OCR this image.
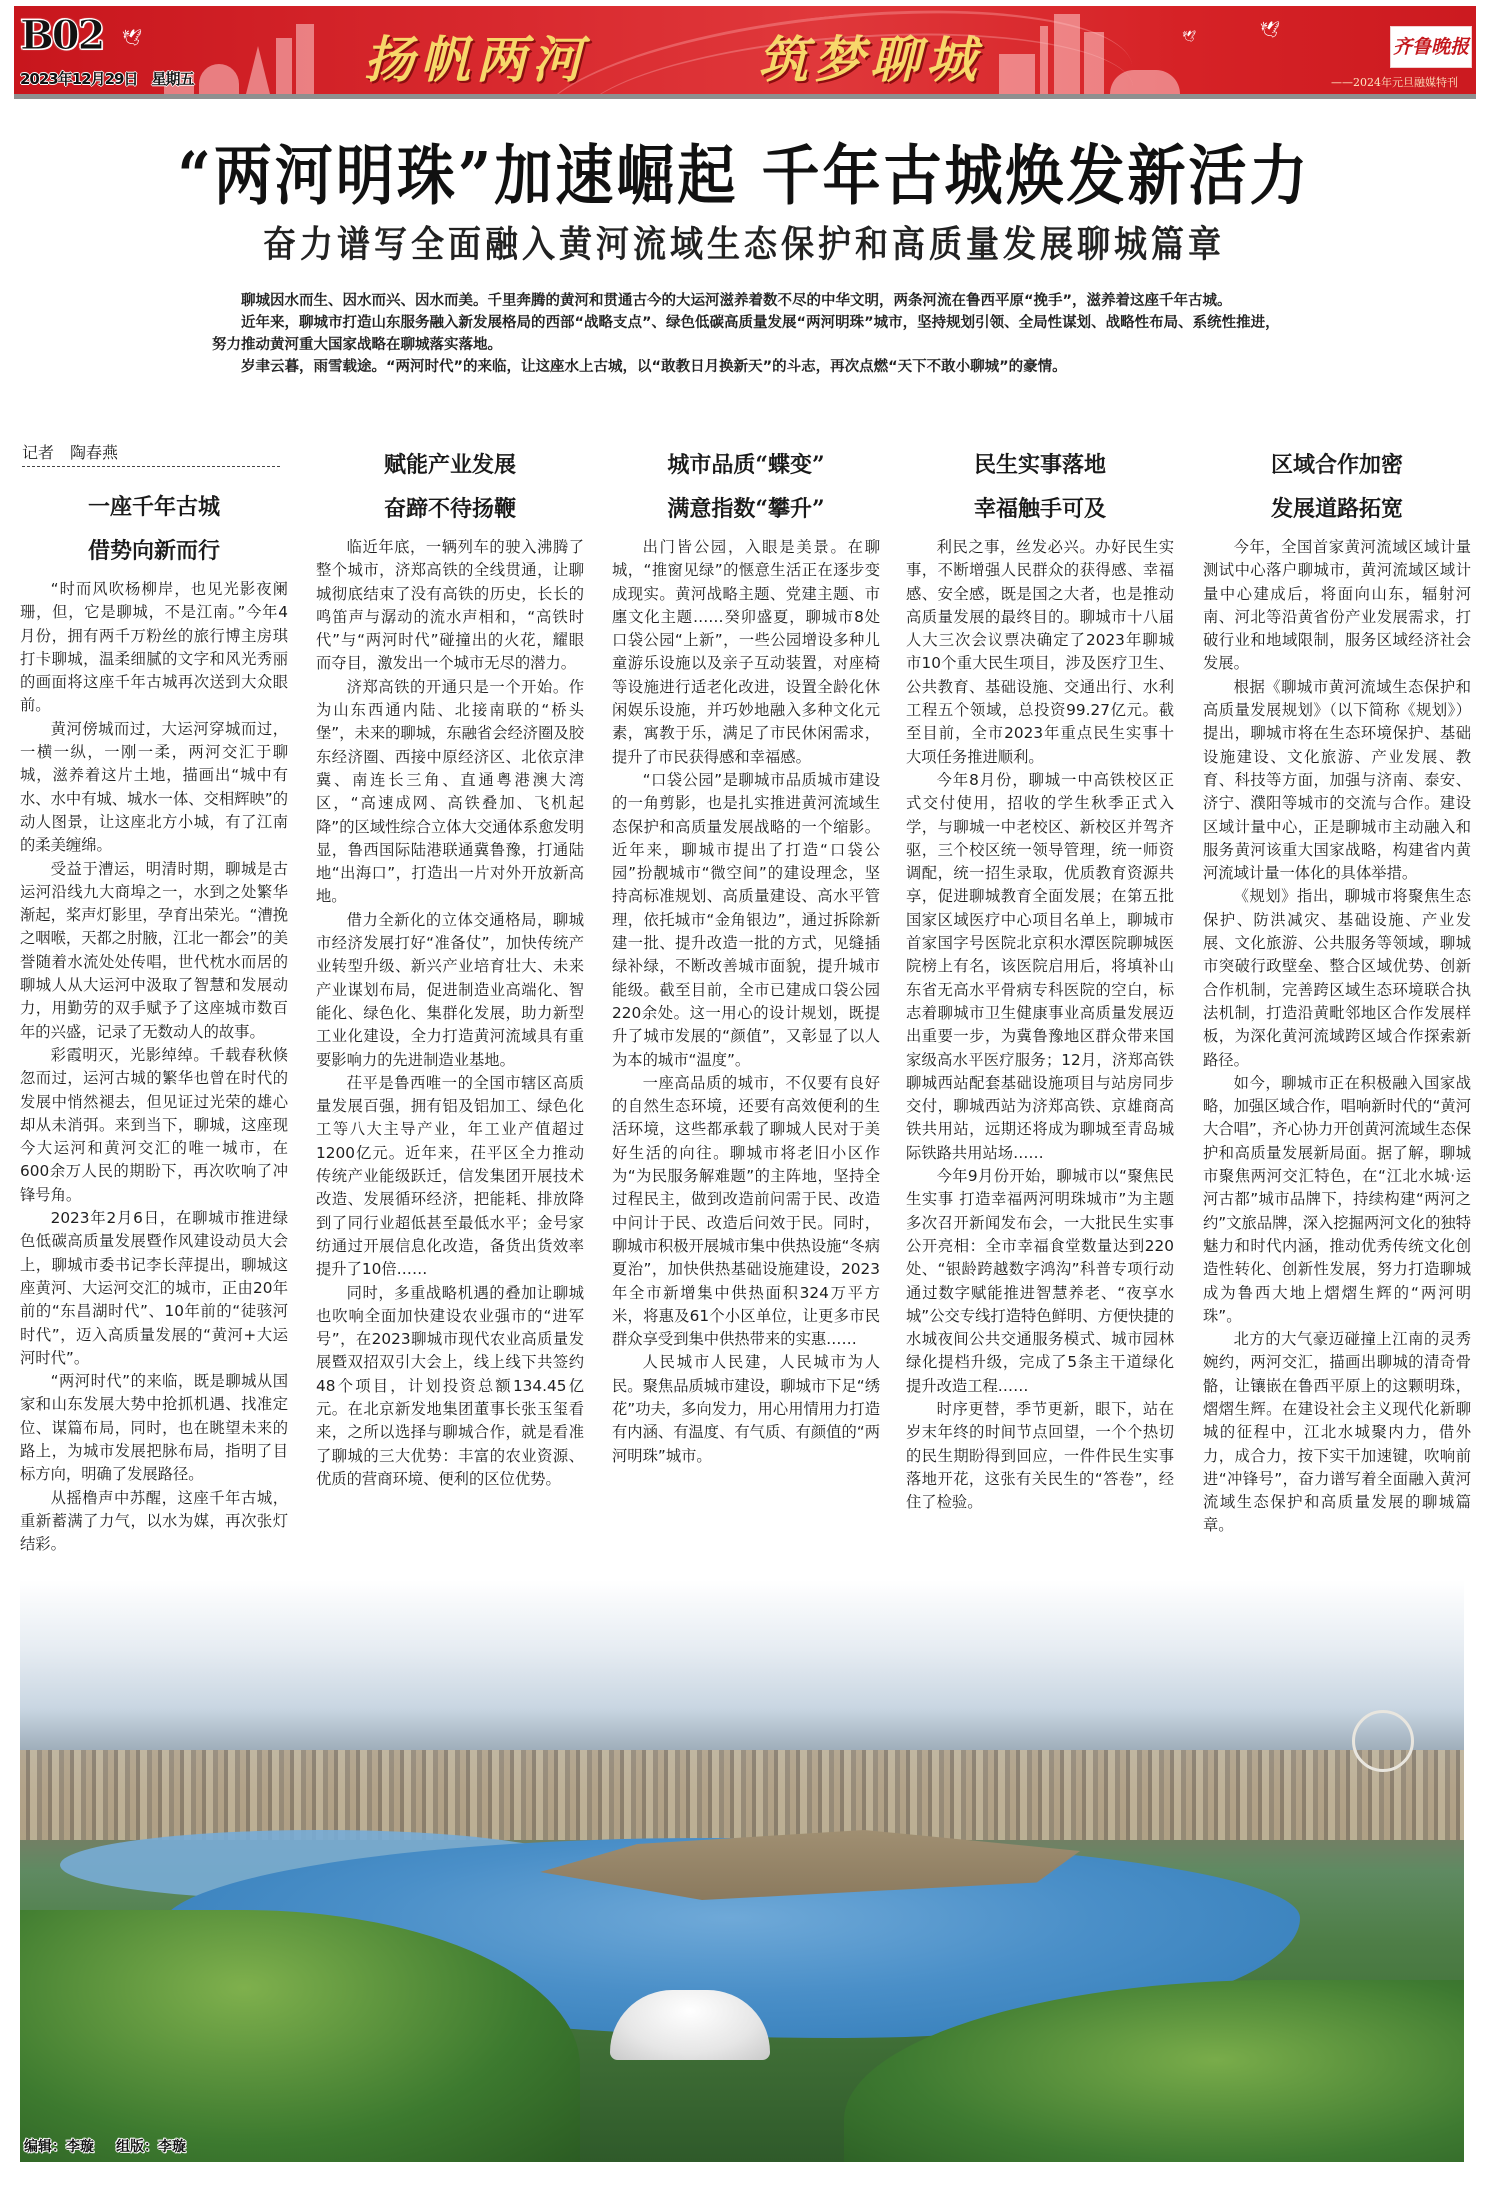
🕊	🕊	🕊
B02
2023年12月29日 星期五	扬帆两河	筑梦聊城	齐鲁晚报
——2024年元旦融媒特刊
“两河明珠”加速崛起 千年古城焕发新活力
奋力谱写全面融入黄河流域生态保护和高质量发展聊城篇章

聊城因水而生、因水而兴、因水而美。千里奔腾的黄河和贯通古今的大运河滋养着数不尽的中华文明，两条河流在鲁西平原“挽手”，滋养着这座千年古城。

近年来，聊城市打造山东服务融入新发展格局的西部“战略支点”、绿色低碳高质量发展“两河明珠”城市，坚持规划引领、全局性谋划、战略性布局、系统性推进，努力推动黄河重大国家战略在聊城落实落地。

岁聿云暮，雨雪载途。“两河时代”的来临，让这座水上古城，以“敢教日月换新天”的斗志，再次点燃“天下不敢小聊城”的豪情。

记者 陶春燕
一座千年古城
借势向新而行

“时而风吹杨柳岸，也见光影夜阑珊，但，它是聊城，不是江南。”今年4月份，拥有两千万粉丝的旅行博主房琪打卡聊城，温柔细腻的文字和风光秀丽的画面将这座千年古城再次送到大众眼前。

黄河傍城而过，大运河穿城而过，一横一纵，一刚一柔，两河交汇于聊城，滋养着这片土地，描画出“城中有水、水中有城、城水一体、交相辉映”的动人图景，让这座北方小城，有了江南的柔美缠绵。

受益于漕运，明清时期，聊城是古运河沿线九大商埠之一，水到之处繁华渐起，桨声灯影里，孕育出荣光。“漕挽之咽喉，天都之肘腋，江北一都会”的美誉随着水流处处传唱，世代枕水而居的聊城人从大运河中汲取了智慧和发展动力，用勤劳的双手赋予了这座城市数百年的兴盛，记录了无数动人的故事。

彩霞明灭，光影绰绰。千载春秋倏忽而过，运河古城的繁华也曾在时代的发展中悄然褪去，但见证过光荣的雄心却从未消弭。来到当下，聊城，这座现今大运河和黄河交汇的唯一城市，在600余万人民的期盼下，再次吹响了冲锋号角。

2023年2月6日，在聊城市推进绿色低碳高质量发展暨作风建设动员大会上，聊城市委书记李长萍提出，聊城这座黄河、大运河交汇的城市，正由20年前的“东昌湖时代”、10年前的“徒骇河时代”，迈入高质量发展的“黄河+大运河时代”。

“两河时代”的来临，既是聊城从国家和山东发展大势中抢抓机遇、找准定位、谋篇布局，同时，也在眺望未来的路上，为城市发展把脉布局，指明了目标方向，明确了发展路径。

从摇橹声中苏醒，这座千年古城，重新蓄满了力气，以水为媒，再次张灯结彩。

赋能产业发展
奋蹄不待扬鞭

临近年底，一辆列车的驶入沸腾了整个城市，济郑高铁的全线贯通，让聊城彻底结束了没有高铁的历史，长长的鸣笛声与潺动的流水声相和，“高铁时代”与“两河时代”碰撞出的火花，耀眼而夺目，激发出一个城市无尽的潜力。

济郑高铁的开通只是一个开始。作为山东西通内陆、北接南联的“桥头堡”，未来的聊城，东融省会经济圈及胶东经济圈、西接中原经济区、北依京津冀、南连长三角、直通粤港澳大湾区，“高速成网、高铁叠加、飞机起降”的区域性综合立体大交通体系愈发明显，鲁西国际陆港联通冀鲁豫，打通陆地“出海口”，打造出一片对外开放新高地。

借力全新化的立体交通格局，聊城市经济发展打好“准备仗”，加快传统产业转型升级、新兴产业培育壮大、未来产业谋划布局，促进制造业高端化、智能化、绿色化、集群化发展，助力新型工业化建设，全力打造黄河流域具有重要影响力的先进制造业基地。

茌平是鲁西唯一的全国市辖区高质量发展百强，拥有铝及铝加工、绿色化工等八大主导产业，年工业产值超过1200亿元。近年来，茌平区全力推动传统产业能级跃迁，信发集团开展技术改造、发展循环经济，把能耗、排放降到了同行业超低甚至最低水平；金号家纺通过开展信息化改造，备货出货效率提升了10倍……

同时，多重战略机遇的叠加让聊城也吹响全面加快建设农业强市的“进军号”，在2023聊城市现代农业高质量发展暨双招双引大会上，线上线下共签约48个项目，计划投资总额134.45亿元。在北京新发地集团董事长张玉玺看来，之所以选择与聊城合作，就是看准了聊城的三大优势：丰富的农业资源、优质的营商环境、便利的区位优势。

城市品质“蝶变”
满意指数“攀升”

出门皆公园，入眼是美景。在聊城，“推窗见绿”的惬意生活正在逐步变成现实。黄河战略主题、党建主题、市廛文化主题……癸卯盛夏，聊城市8处口袋公园“上新”，一些公园增设多种儿童游乐设施以及亲子互动装置，对座椅等设施进行适老化改进，设置全龄化休闲娱乐设施，并巧妙地融入多种文化元素，寓教于乐，满足了市民休闲需求，提升了市民获得感和幸福感。

“口袋公园”是聊城市品质城市建设的一角剪影，也是扎实推进黄河流域生态保护和高质量发展战略的一个缩影。近年来，聊城市提出了打造“口袋公园”扮靓城市“微空间”的建设理念，坚持高标准规划、高质量建设、高水平管理，依托城市“金角银边”，通过拆除新建一批、提升改造一批的方式，见缝插绿补绿，不断改善城市面貌，提升城市能级。截至目前，全市已建成口袋公园220余处。这一用心的设计规划，既提升了城市发展的“颜值”，又彰显了以人为本的城市“温度”。

一座高品质的城市，不仅要有良好的自然生态环境，还要有高效便利的生活环境，这些都承载了聊城人民对于美好生活的向往。聊城市将老旧小区作为“为民服务解难题”的主阵地，坚持全过程民主，做到改造前问需于民、改造中问计于民、改造后问效于民。同时，聊城市积极开展城市集中供热设施“冬病夏治”，加快供热基础设施建设，2023年全市新增集中供热面积324万平方米，将惠及61个小区单位，让更多市民群众享受到集中供热带来的实惠……

人民城市人民建，人民城市为人民。聚焦品质城市建设，聊城市下足“绣花”功夫，多向发力，用心用情用力打造有内涵、有温度、有气质、有颜值的“两河明珠”城市。

民生实事落地
幸福触手可及

利民之事，丝发必兴。办好民生实事，不断增强人民群众的获得感、幸福感、安全感，既是国之大者，也是推动高质量发展的最终目的。聊城市十八届人大三次会议票决确定了2023年聊城市10个重大民生项目，涉及医疗卫生、公共教育、基础设施、交通出行、水利工程五个领域，总投资99.27亿元。截至目前，全市2023年重点民生实事十大项任务推进顺利。

今年8月份，聊城一中高铁校区正式交付使用，招收的学生秋季正式入学，与聊城一中老校区、新校区并驾齐驱，三个校区统一领导管理，统一师资调配，统一招生录取，优质教育资源共享，促进聊城教育全面发展；在第五批国家区域医疗中心项目名单上，聊城市首家国字号医院北京积水潭医院聊城医院榜上有名，该医院启用后，将填补山东省无高水平骨病专科医院的空白，标志着聊城市卫生健康事业高质量发展迈出重要一步，为冀鲁豫地区群众带来国家级高水平医疗服务；12月，济郑高铁聊城西站配套基础设施项目与站房同步交付，聊城西站为济郑高铁、京雄商高铁共用站，远期还将成为聊城至青岛城际铁路共用站场……

今年9月份开始，聊城市以“聚焦民生实事 打造幸福两河明珠城市”为主题多次召开新闻发布会，一大批民生实事公开亮相：全市幸福食堂数量达到220处、“银龄跨越数字鸿沟”科普专项行动通过数字赋能推进智慧养老、“夜享水城”公交专线打造特色鲜明、方便快捷的水城夜间公共交通服务模式、城市园林绿化提档升级，完成了5条主干道绿化提升改造工程……

时序更替，季节更新，眼下，站在岁末年终的时间节点回望，一个个热切的民生期盼得到回应，一件件民生实事落地开花，这张有关民生的“答卷”，经住了检验。

区域合作加密
发展道路拓宽

今年，全国首家黄河流域区域计量测试中心落户聊城市，黄河流域区域计量中心建成后，将面向山东，辐射河南、河北等沿黄省份产业发展需求，打破行业和地域限制，服务区域经济社会发展。

根据《聊城市黄河流域生态保护和高质量发展规划》（以下简称《规划》）提出，聊城市将在生态环境保护、基础设施建设、文化旅游、产业发展、教育、科技等方面，加强与济南、泰安、济宁、濮阳等城市的交流与合作。建设区域计量中心，正是聊城市主动融入和服务黄河该重大国家战略，构建省内黄河流域计量一体化的具体举措。

《规划》指出，聊城市将聚焦生态保护、防洪减灾、基础设施、产业发展、文化旅游、公共服务等领域，聊城市突破行政壁垒、整合区域优势、创新合作机制，完善跨区域生态环境联合执法机制，打造沿黄毗邻地区合作发展样板，为深化黄河流域跨区域合作探索新路径。

如今，聊城市正在积极融入国家战略，加强区域合作，唱响新时代的“黄河大合唱”，齐心协力开创黄河流域生态保护和高质量发展新局面。据了解，聊城市聚焦两河交汇特色，在“江北水城·运河古都”城市品牌下，持续构建“两河之约”文旅品牌，深入挖掘两河文化的独特魅力和时代内涵，推动优秀传统文化创造性转化、创新性发展，努力打造聊城成为鲁西大地上熠熠生辉的“两河明珠”。

北方的大气豪迈碰撞上江南的灵秀婉约，两河交汇，描画出聊城的清奇骨骼，让镶嵌在鲁西平原上的这颗明珠，熠熠生辉。在建设社会主义现代化新聊城的征程中，江北水城聚内力，借外力，成合力，按下实干加速键，吹响前进“冲锋号”，奋力谱写着全面融入黄河流域生态保护和高质量发展的聊城篇章。

编辑：李璇 组版：李璇
